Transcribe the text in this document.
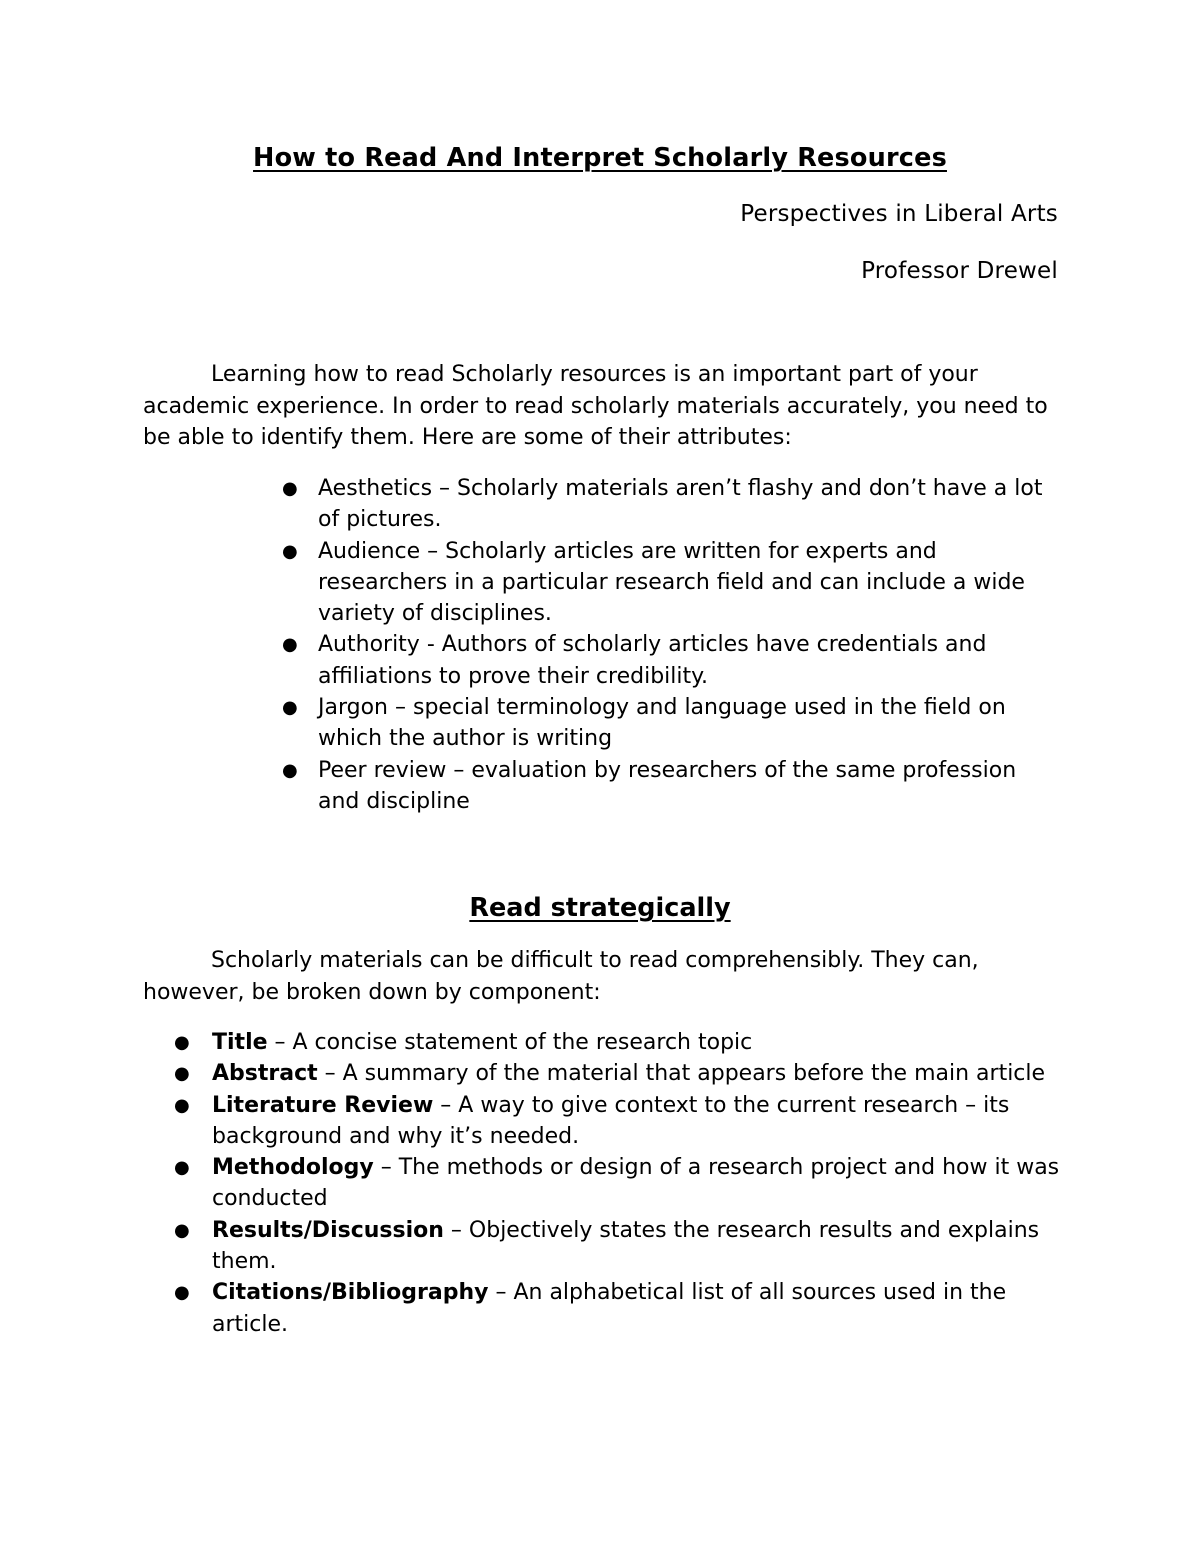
How to Read And Interpret Scholarly Resources
Perspectives in Liberal Arts
Professor Drewel

Learning how to read Scholarly resources is an important part of your academic experience. In order to read scholarly materials accurately, you need to be able to identify them. Here are some of their attributes:

● Aesthetics – Scholarly materials aren’t flashy and don’t have a lot of pictures.
● Audience – Scholarly articles are written for experts and researchers in a particular research field and can include a wide variety of disciplines.
● Authority - Authors of scholarly articles have credentials and affiliations to prove their credibility.
● Jargon – special terminology and language used in the field on which the author is writing
● Peer review – evaluation by researchers of the same profession and discipline
Read strategically

Scholarly materials can be difficult to read comprehensibly. They can, however, be broken down by component:

● Title – A concise statement of the research topic
● Abstract – A summary of the material that appears before the main article
● Literature Review – A way to give context to the current research – its background and why it’s needed.
● Methodology – The methods or design of a research project and how it was conducted
● Results/Discussion – Objectively states the research results and explains them.
● Citations/Bibliography – An alphabetical list of all sources used in the article.
